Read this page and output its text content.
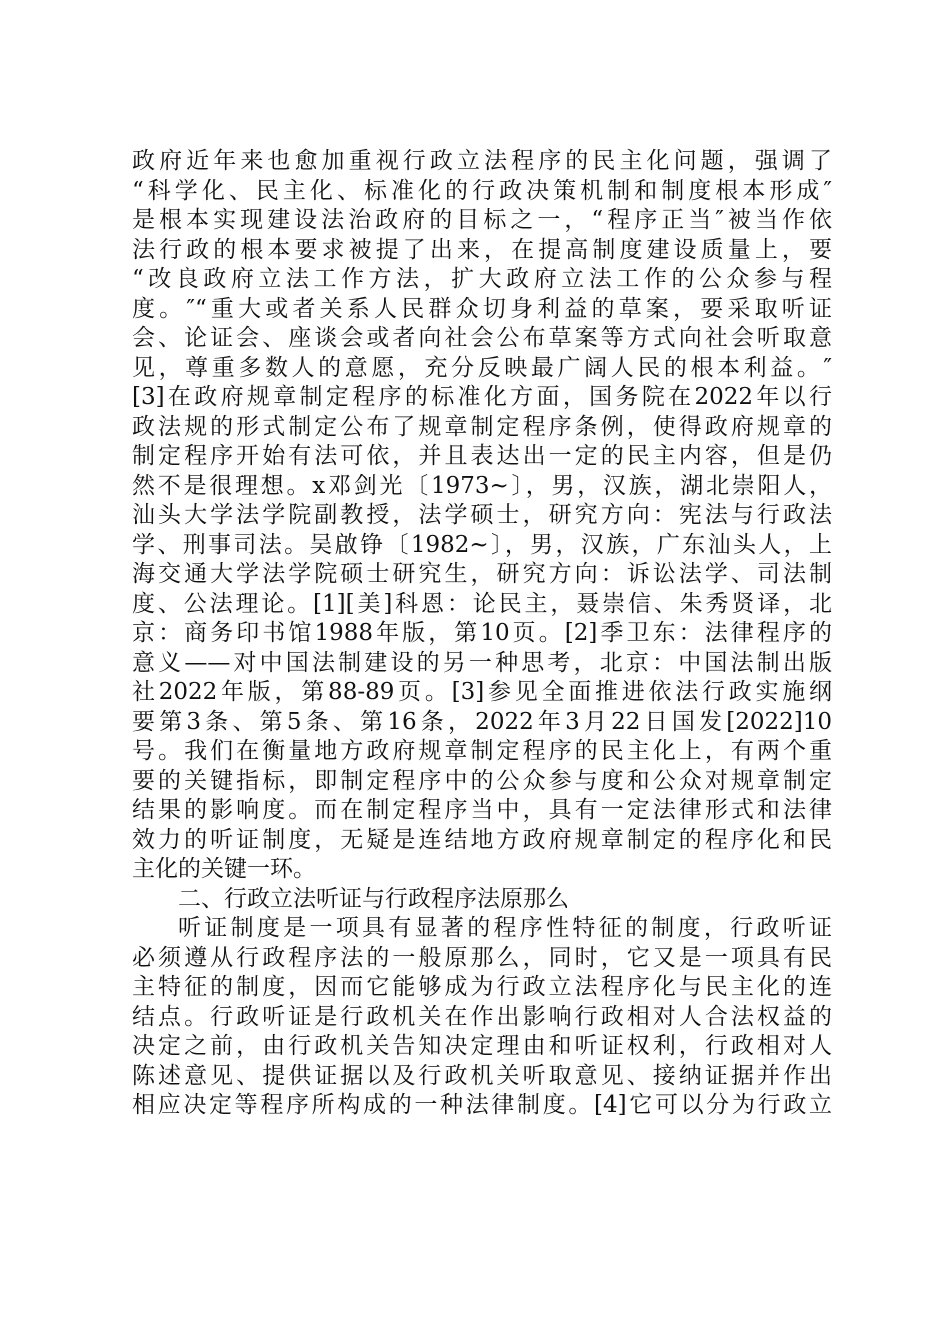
政府近年来也愈加重视行政立法程序的民主化问题，强调了
“科学化、民主化、标准化的行政决策机制和制度根本形成″
是根本实现建设法治政府的目标之一，“程序正当″被当作依
法行政的根本要求被提了出来，在提高制度建设质量上，要
“改良政府立法工作方法，扩大政府立法工作的公众参与程
度。″“重大或者关系人民群众切身利益的草案，要采取听证
会、论证会、座谈会或者向社会公布草案等方式向社会听取意
见，尊重多数人的意愿，充分反映最广阔人民的根本利益。″
[3]在政府规章制定程序的标准化方面，国务院在2022年以行
政法规的形式制定公布了规章制定程序条例，使得政府规章的
制定程序开始有法可依，并且表达出一定的民主内容，但是仍
然不是很理想。x邓剑光〔1973~〕，男，汉族，湖北崇阳人，
汕头大学法学院副教授，法学硕士，研究方向：宪法与行政法
学、刑事司法。吴啟铮〔1982~〕，男，汉族，广东汕头人，上
海交通大学法学院硕士研究生，研究方向：诉讼法学、司法制
度、公法理论。[1][美]科恩：论民主，聂崇信、朱秀贤译，北
京：商务印书馆1988年版，第10页。[2]季卫东：法律程序的
意义——对中国法制建设的另一种思考，北京：中国法制出版
社2022年版，第88-89页。[3]参见全面推进依法行政实施纲
要第3条、第5条、第16条，2022年3月22日国发[2022]10
号。我们在衡量地方政府规章制定程序的民主化上，有两个重
要的关键指标，即制定程序中的公众参与度和公众对规章制定
结果的影响度。而在制定程序当中，具有一定法律形式和法律
效力的听证制度，无疑是连结地方政府规章制定的程序化和民
主化的关键一环。
二、行政立法听证与行政程序法原那么
听证制度是一项具有显著的程序性特征的制度，行政听证
必须遵从行政程序法的一般原那么，同时，它又是一项具有民
主特征的制度，因而它能够成为行政立法程序化与民主化的连
结点。行政听证是行政机关在作出影响行政相对人合法权益的
决定之前，由行政机关告知决定理由和听证权利，行政相对人
陈述意见、提供证据以及行政机关听取意见、接纳证据并作出
相应决定等程序所构成的一种法律制度。[4]它可以分为行政立
